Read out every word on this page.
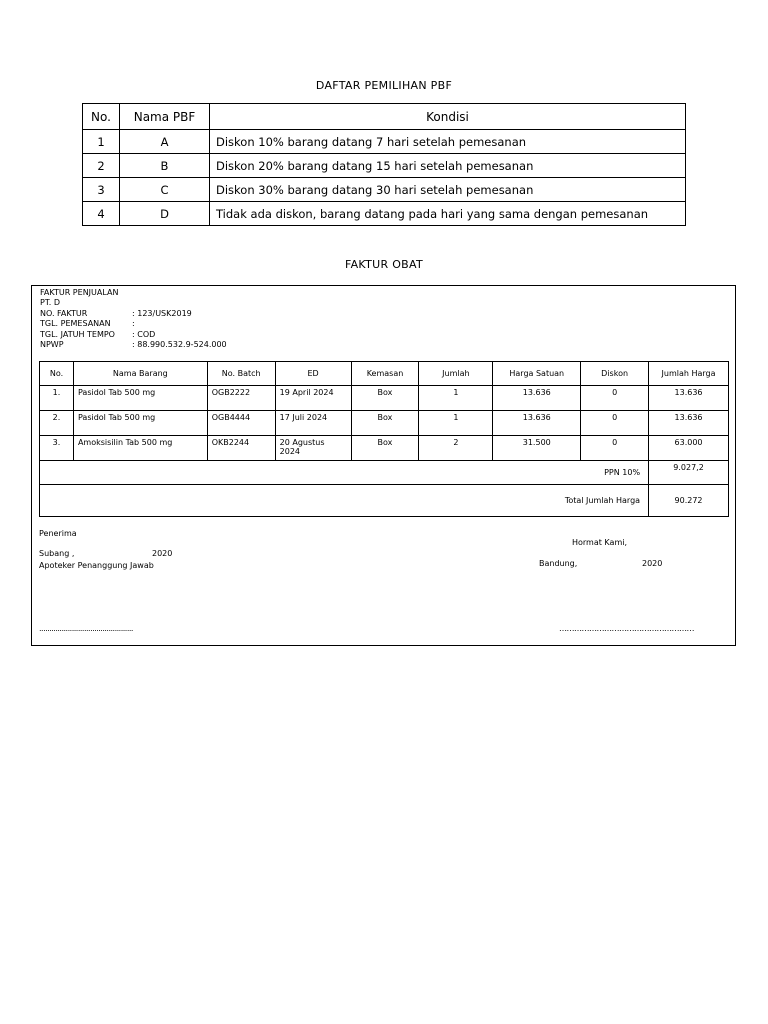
DAFTAR PEMILIHAN PBF
No.	Nama PBF	Kondisi
1	A	Diskon 10% barang datang 7 hari setelah pemesanan
2	B	Diskon 20% barang datang 15 hari setelah pemesanan
3	C	Diskon 30% barang datang 30 hari setelah pemesanan
4	D	Tidak ada diskon, barang datang pada hari yang sama dengan pemesanan
FAKTUR OBAT
FAKTUR PENJUALAN
PT. D
NO. FAKTUR	: 123/USK2019
TGL. PEMESANAN	:
TGL. JATUH TEMPO : COD
NPWP	: 88.990.532.9-524.000
No.	Nama Barang	No. Batch	ED	Kemasan	Jumlah	Harga Satuan	Diskon	Jumlah Harga
1.	Pasidol Tab 500 mg	OGB2222	19 April 2024	Box	1	13.636	0	13.636
2.	Pasidol Tab 500 mg	OGB4444	17 Juli 2024	Box	1	13.636	0	13.636
3.	Amoksisilin Tab 500 mg	OKB2244	20 Agustus 2024	Box	2	31.500	0	63.000
PPN 10%								9.027,2
Total Jumlah Harga								90.272
Penerima
Subang ,	2020
Apoteker Penanggung Jawab
Hormat Kami,
Bandung,	2020
..............................................	………………………………………………
